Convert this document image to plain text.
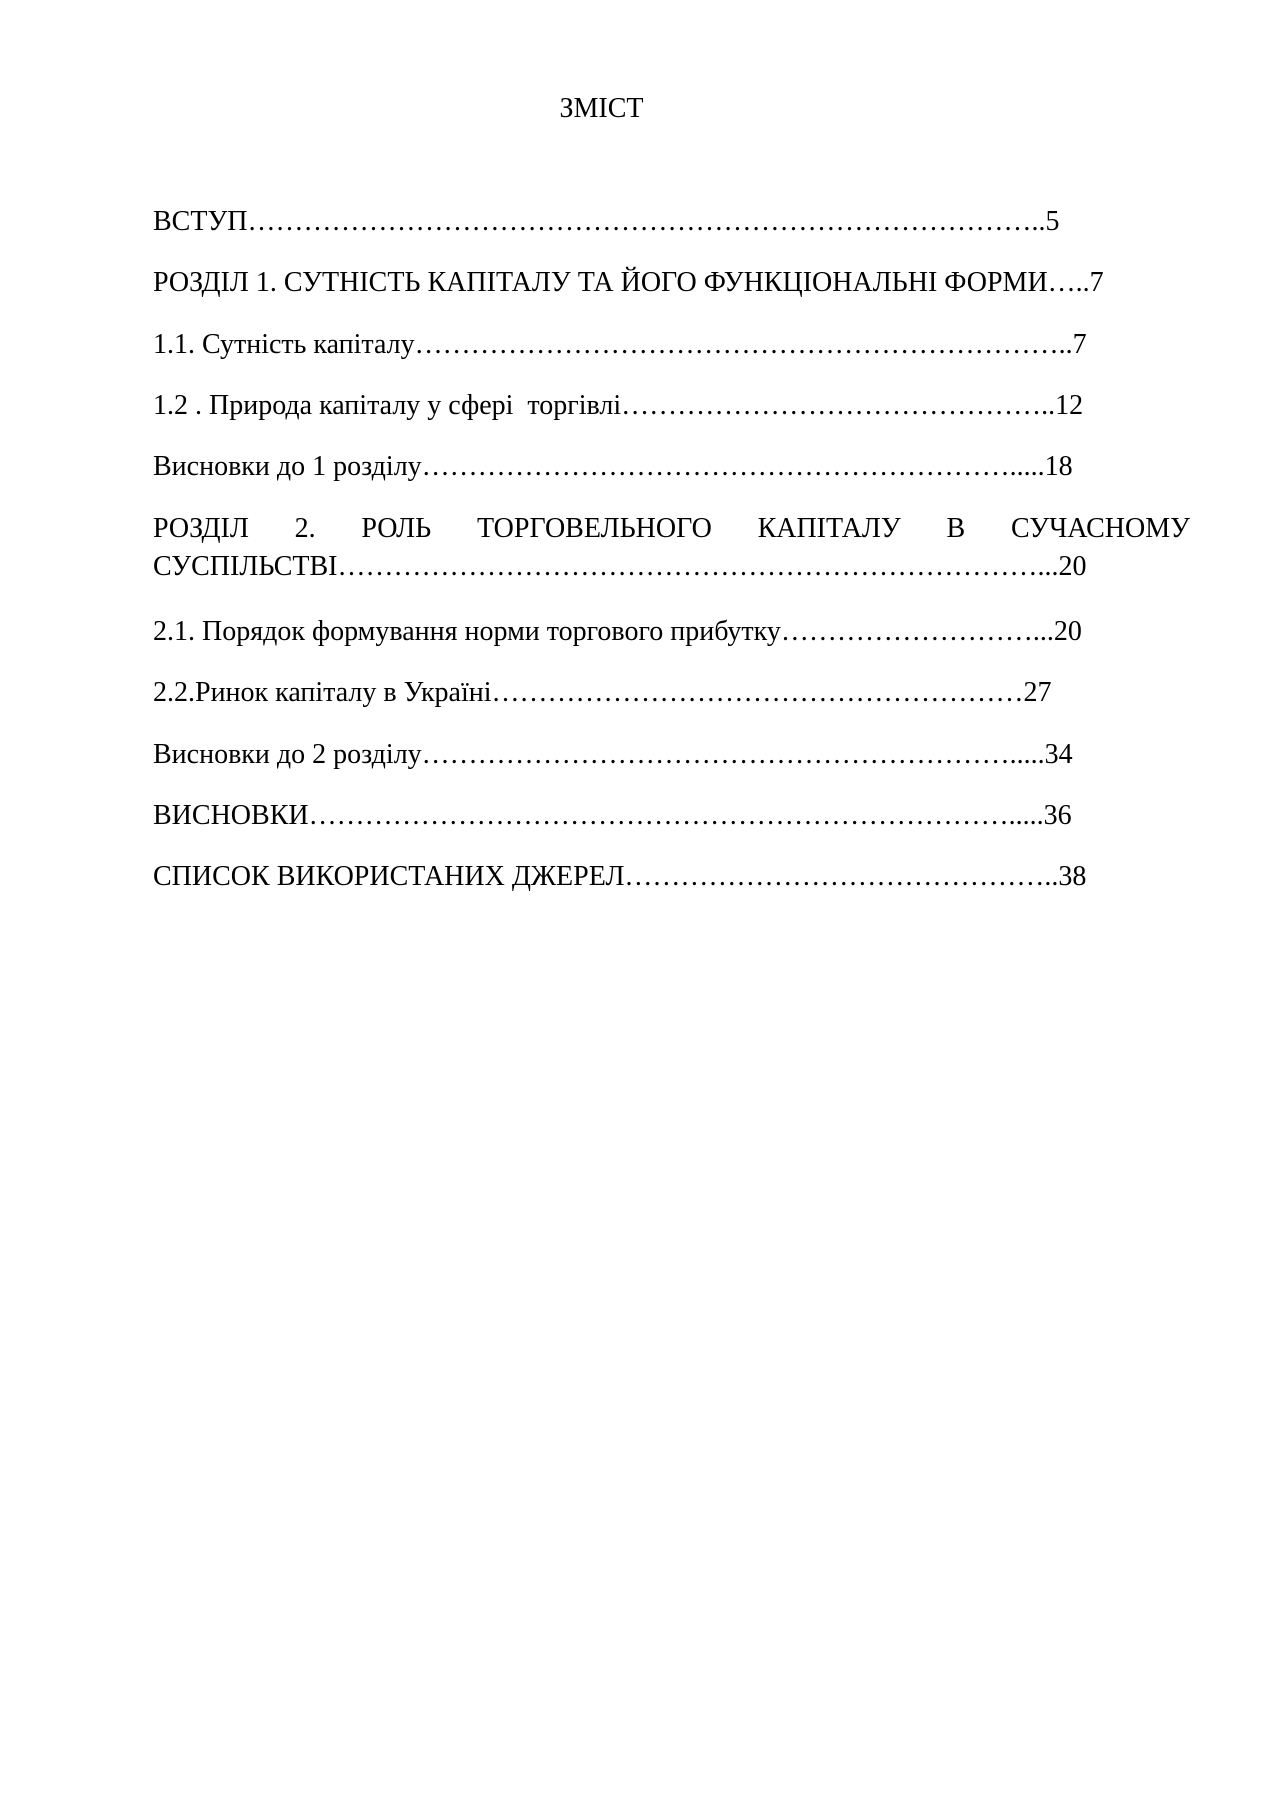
ЗМІСТ

ВСТУП…………………………………………………………………………..5

РОЗДІЛ 1. СУТНІСТЬ КАПІТАЛУ ТА ЙОГО ФУНКЦІОНАЛЬНІ ФОРМИ…..7

1.1. Сутність капіталу……………………………………………………………..7

1.2 . Природа капіталу у сфері  торгівлі………………………………………..12

Висновки до 1 розділу……………………………………………………….....18

РОЗДІЛ 2. РОЛЬ ТОРГОВЕЛЬНОГО КАПІТАЛУ В СУЧАСНОМУ

СУСПІЛЬСТВІ…………………………………………………………………...20

2.1. Порядок формування норми торгового прибутку………………………...20

2.2.Ринок капіталу в Україні…………………………………………………27

Висновки до 2 розділу……………………………………………………….....34

ВИСНОВКИ………………………………………………………………….....36

СПИСОК ВИКОРИСТАНИХ ДЖЕРЕЛ………………………………………..38
